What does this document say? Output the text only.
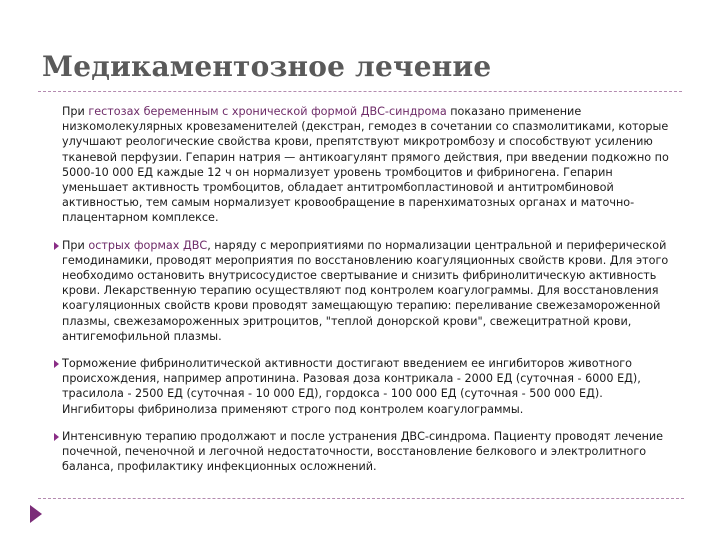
Медикаментозное лечение

При гестозах беременным с хронической формой ДВС-синдрома показано применение низкомолекулярных кровезаменителей (декстран, гемодез в сочетании со спазмолитиками, которые улучшают реологические свойства крови, препятствуют микротромбозу и способствуют усилению тканевой перфузии. Гепарин натрия — антикоагулянт прямого действия, при введении подкожно по 5000-10 000 ЕД каждые 12 ч он нормализует уровень тромбоцитов и фибриногена. Гепарин уменьшает активность тромбоцитов, обладает антитромбопластиновой и антитромбиновой активностью, тем самым нормализует кровообращение в паренхиматозных органах и маточно-плацентарном комплексе.

При острых формах ДВС, наряду с мероприятиями по нормализации центральной и периферической гемодинамики, проводят мероприятия по восстановлению коагуляционных свойств крови. Для этого необходимо остановить внутрисосудистое свертывание и снизить фибринолитическую активность крови. Лекарственную терапию осуществляют под контролем коагулограммы. Для восстановления коагуляционных свойств крови проводят замещающую терапию: переливание свежезамороженной плазмы, свежезамороженных эритроцитов, "теплой донорской крови", свежецитратной крови, антигемофильной плазмы.

Торможение фибринолитической активности достигают введением ее ингибиторов животного происхождения, например апротинина. Разовая доза контрикала - 2000 ЕД (суточная - 6000 ЕД), трасилола - 2500 ЕД (суточная - 10 000 ЕД), гордокса - 100 000 ЕД (суточная - 500 000 ЕД). Ингибиторы фибринолиза применяют строго под контролем коагулограммы.

Интенсивную терапию продолжают и после устранения ДВС-синдрома. Пациенту проводят лечение почечной, печеночной и легочной недостаточности, восстановление белкового и электролитного баланса, профилактику инфекционных осложнений.
